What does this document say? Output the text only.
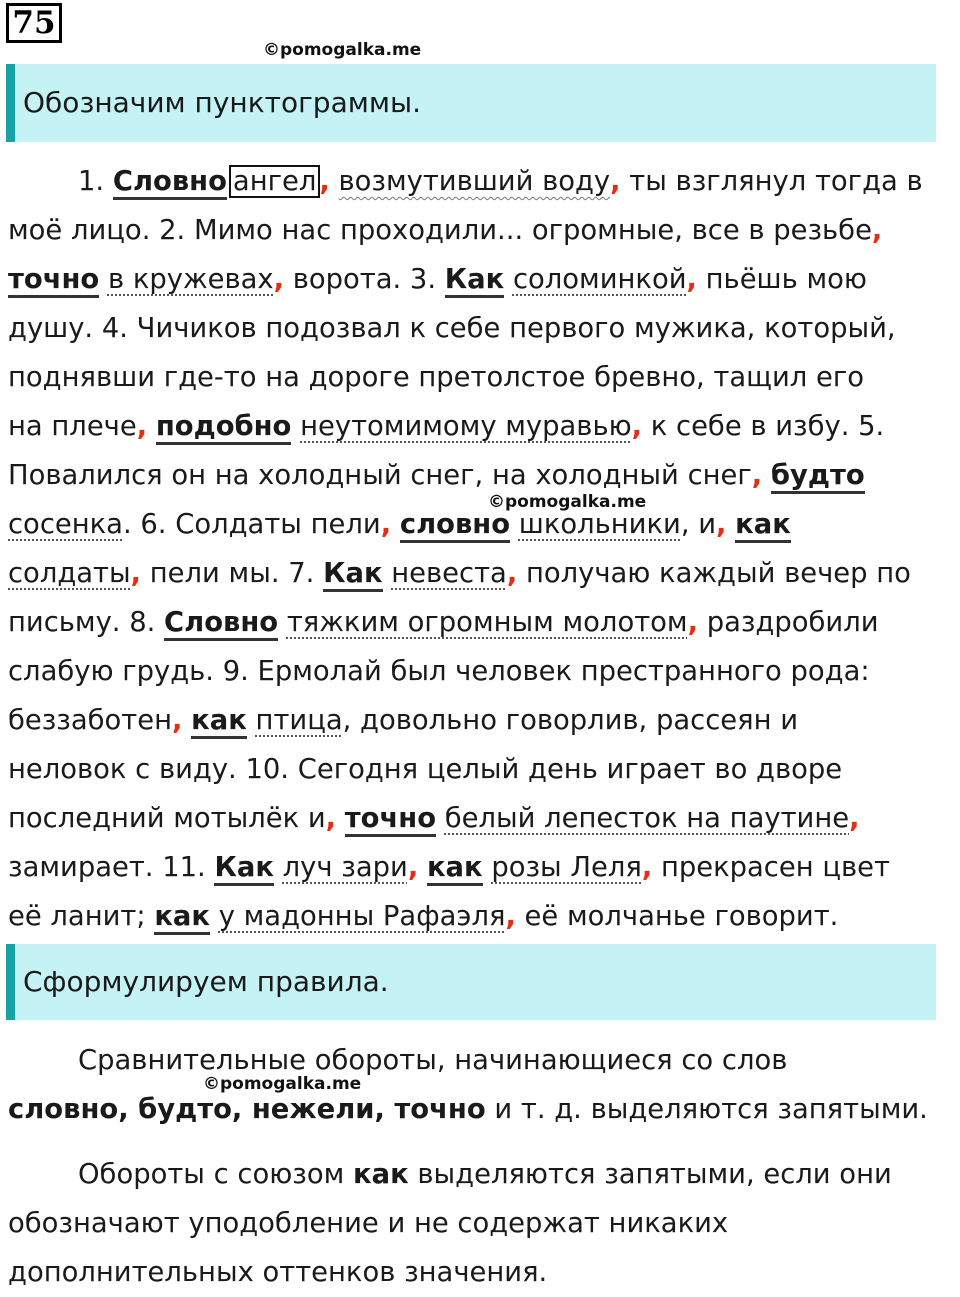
75
©pomogalka.me
Обозначим пунктограммы.
1. Словно ангел , возмутивший воду, ты взглянул тогда в
моё лицо. 2. Мимо нас проходили... огромные, все в резьбе,
точно в кружевах, ворота. 3. Как соломинкой, пьёшь мою
душу. 4. Чичиков подозвал к себе первого мужика, который,
поднявши где-то на дороге претолстое бревно, тащил его
на плече, подобно неутомимому муравью, к себе в избу. 5.
Повалился он на холодный снег, на холодный снег, будто
сосенка. 6. Солдаты пели, словно школьники, и, как
солдаты, пели мы. 7. Как невеста, получаю каждый вечер по
письму. 8. Словно тяжким огромным молотом, раздробили
слабую грудь. 9. Ермолай был человек престранного рода:
беззаботен, как птица, довольно говорлив, рассеян и
неловок с виду. 10. Сегодня целый день играет во дворе
последний мотылёк и, точно белый лепесток на паутине,
замирает. 11. Как луч зари, как розы Леля, прекрасен цвет
её ланит; как у мадонны Рафаэля, её молчанье говорит.
©pomogalka.me
Сформулируем правила.
Сравнительные обороты, начинающиеся со слов
словно, будто, нежели, точно и т. д. выделяются запятыми.
©pomogalka.me
Обороты с союзом как выделяются запятыми, если они
обозначают уподобление и не содержат никаких
дополнительных оттенков значения.
